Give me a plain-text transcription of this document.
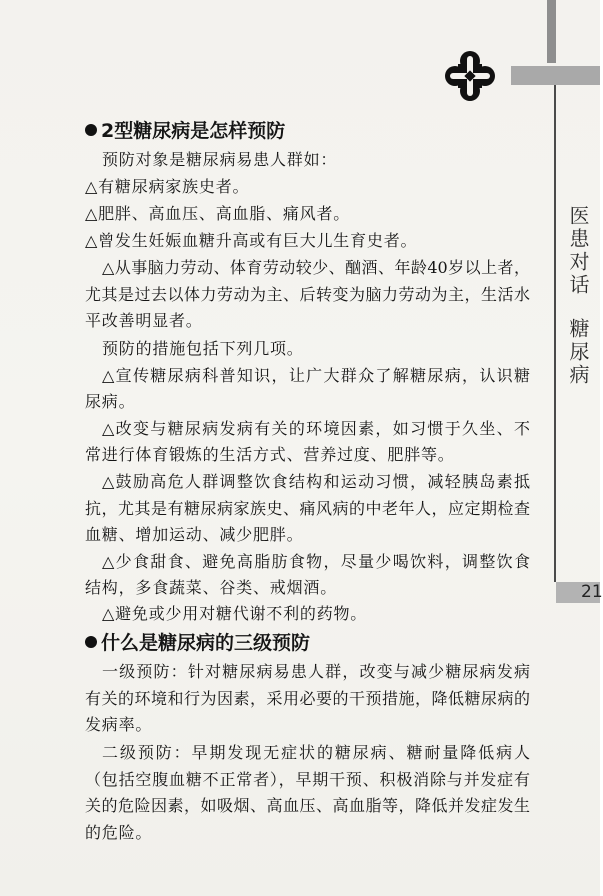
医患对话
糖尿病
21
2型糖尿病是怎样预防
预防对象是糖尿病易患人群如：
△有糖尿病家族史者。
△肥胖、高血压、高血脂、痛风者。
△曾发生妊娠血糖升高或有巨大儿生育史者。
△从事脑力劳动、体育劳动较少、酗酒、年龄40岁以上者，
尤其是过去以体力劳动为主、后转变为脑力劳动为主，生活水
平改善明显者。
预防的措施包括下列几项。
△宣传糖尿病科普知识，让广大群众了解糖尿病，认识糖
尿病。
△改变与糖尿病发病有关的环境因素，如习惯于久坐、不
常进行体育锻炼的生活方式、营养过度、肥胖等。
△鼓励高危人群调整饮食结构和运动习惯，减轻胰岛素抵
抗，尤其是有糖尿病家族史、痛风病的中老年人，应定期检查
血糖、增加运动、减少肥胖。
△少食甜食、避免高脂肪食物，尽量少喝饮料，调整饮食
结构，多食蔬菜、谷类、戒烟酒。
△避免或少用对糖代谢不利的药物。
什么是糖尿病的三级预防
一级预防：针对糖尿病易患人群，改变与减少糖尿病发病
有关的环境和行为因素，采用必要的干预措施，降低糖尿病的
发病率。
二级预防：早期发现无症状的糖尿病、糖耐量降低病人
（包括空腹血糖不正常者），早期干预、积极消除与并发症有
关的危险因素，如吸烟、高血压、高血脂等，降低并发症发生
的危险。
